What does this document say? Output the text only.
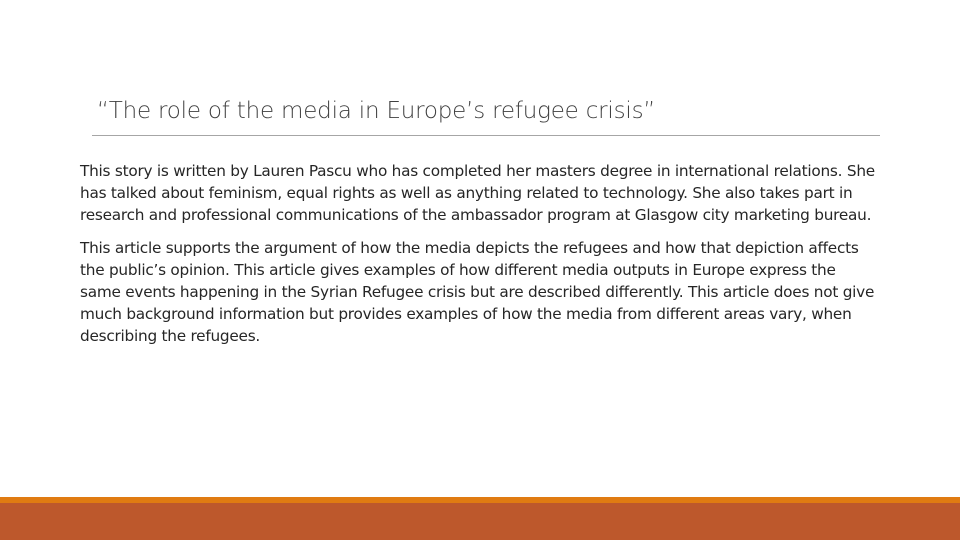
“The role of the media in Europe’s refugee crisis”

This story is written by Lauren Pascu who has completed her masters degree in international relations. She has talked about feminism, equal rights as well as anything related to technology. She also takes part in research and professional communications of the ambassador program at Glasgow city marketing bureau.

This article supports the argument of how the media depicts the refugees and how that depiction affects the public’s opinion. This article gives examples of how different media outputs in Europe express the same events happening in the Syrian Refugee crisis but are described differently. This article does not give much background information but provides examples of how the media from different areas vary, when describing the refugees.
